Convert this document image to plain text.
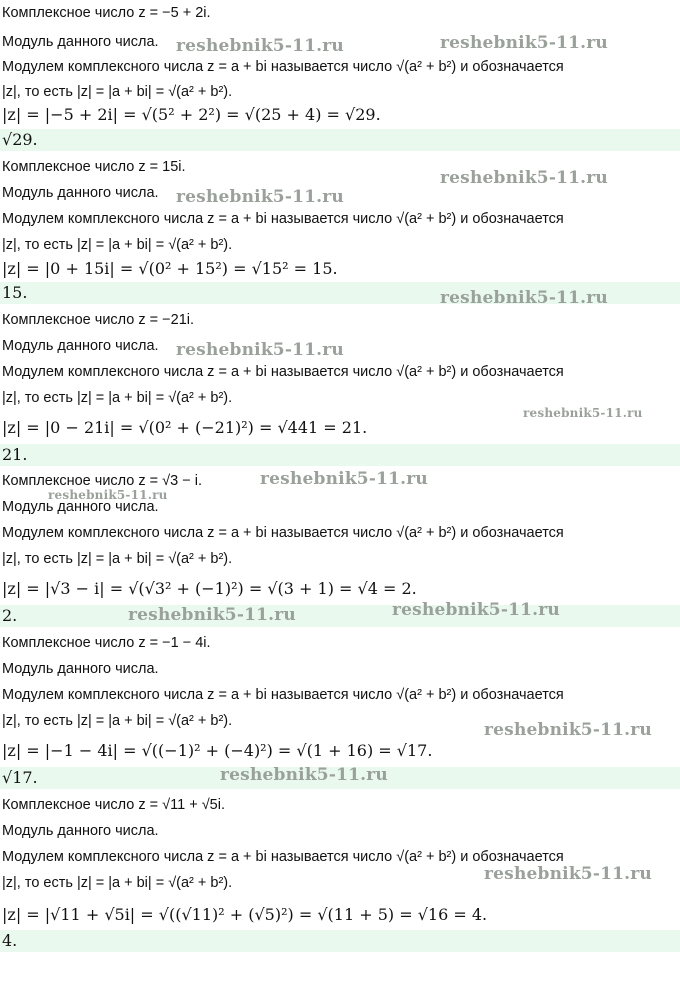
Комплексное число z = −5 + 2i.
Модуль данного числа.
Модулем комплексного числа z = a + bi называется число √(a² + b²) и обозначается
|z|, то есть |z| = |a + bi| = √(a² + b²).
|z| = |−5 + 2i| = √(5² + 2²) = √(25 + 4) = √29.
√29.
Комплексное число z = 15i.
Модуль данного числа.
Модулем комплексного числа z = a + bi называется число √(a² + b²) и обозначается
|z|, то есть |z| = |a + bi| = √(a² + b²).
|z| = |0 + 15i| = √(0² + 15²) = √15² = 15.
15.
Комплексное число z = −21i.
Модуль данного числа.
Модулем комплексного числа z = a + bi называется число √(a² + b²) и обозначается
|z|, то есть |z| = |a + bi| = √(a² + b²).
|z| = |0 − 21i| = √(0² + (−21)²) = √441 = 21.
21.
Комплексное число z = √3 − i.
Модуль данного числа.
Модулем комплексного числа z = a + bi называется число √(a² + b²) и обозначается
|z|, то есть |z| = |a + bi| = √(a² + b²).
|z| = |√3 − i| = √(√3² + (−1)²) = √(3 + 1) = √4 = 2.
2.
Комплексное число z = −1 − 4i.
Модуль данного числа.
Модулем комплексного числа z = a + bi называется число √(a² + b²) и обозначается
|z|, то есть |z| = |a + bi| = √(a² + b²).
|z| = |−1 − 4i| = √((−1)² + (−4)²) = √(1 + 16) = √17.
√17.
Комплексное число z = √11 + √5i.
Модуль данного числа.
Модулем комплексного числа z = a + bi называется число √(a² + b²) и обозначается
|z|, то есть |z| = |a + bi| = √(a² + b²).
|z| = |√11 + √5i| = √((√11)² + (√5)²) = √(11 + 5) = √16 = 4.
4.
reshebnik5-11.ru	reshebnik5-11.ru
reshebnik5-11.ru
reshebnik5-11.ru
reshebnik5-11.ru
reshebnik5-11.ru
reshebnik5-11.ru
reshebnik5-11.ru
reshebnik5-11.ru
reshebnik5-11.ru	reshebnik5-11.ru
reshebnik5-11.ru
reshebnik5-11.ru
reshebnik5-11.ru
